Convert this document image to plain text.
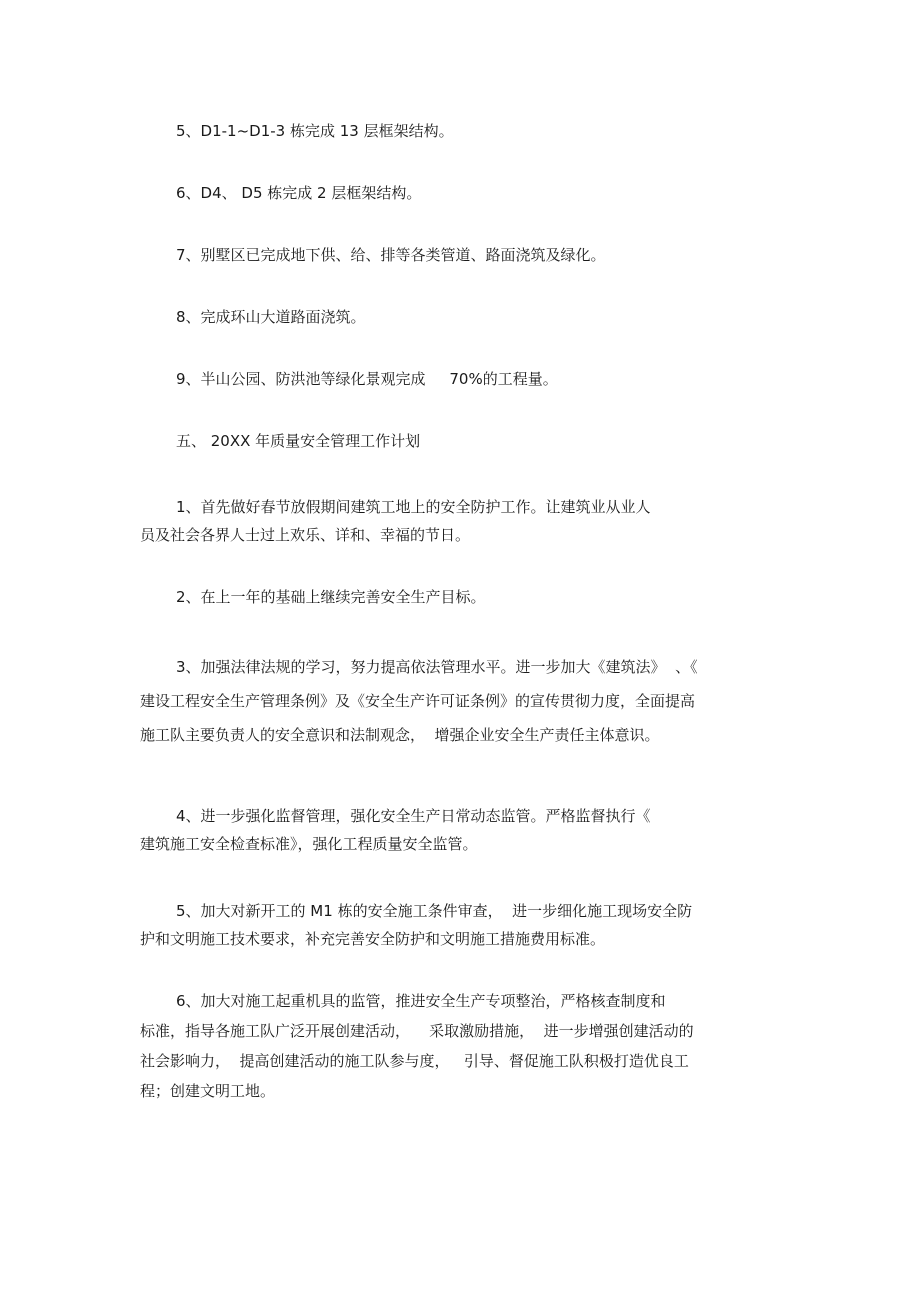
5、D1-1~D1-3 栋完成 13 层框架结构。

6、D4、 D5 栋完成 2 层框架结构。

7、别墅区已完成地下供、给、排等各类管道、路面浇筑及绿化。

8、完成环山大道路面浇筑。

9、半山公园、防洪池等绿化景观完成     70%的工程量。

五、 20XX 年质量安全管理工作计划

1、首先做好春节放假期间建筑工地上的安全防护工作。让建筑业从业人

员及社会各界人士过上欢乐、详和、幸福的节日。

2、在上一年的基础上继续完善安全生产目标。

3、加强法律法规的学习，努力提高依法管理水平。进一步加大《建筑法》  、《

建设工程安全生产管理条例》及《安全生产许可证条例》的宣传贯彻力度，全面提高

施工队主要负责人的安全意识和法制观念，  增强企业安全生产责任主体意识。

4、进一步强化监督管理，强化安全生产日常动态监管。严格监督执行《

建筑施工安全检查标准》，强化工程质量安全监管。

5、加大对新开工的 M1 栋的安全施工条件审查，  进一步细化施工现场安全防

护和文明施工技术要求，补充完善安全防护和文明施工措施费用标准。

6、加大对施工起重机具的监管，推进安全生产专项整治，严格核查制度和

标准，指导各施工队广泛开展创建活动，    采取激励措施，  进一步增强创建活动的

社会影响力，  提高创建活动的施工队参与度，   引导、督促施工队积极打造优良工

程；创建文明工地。
